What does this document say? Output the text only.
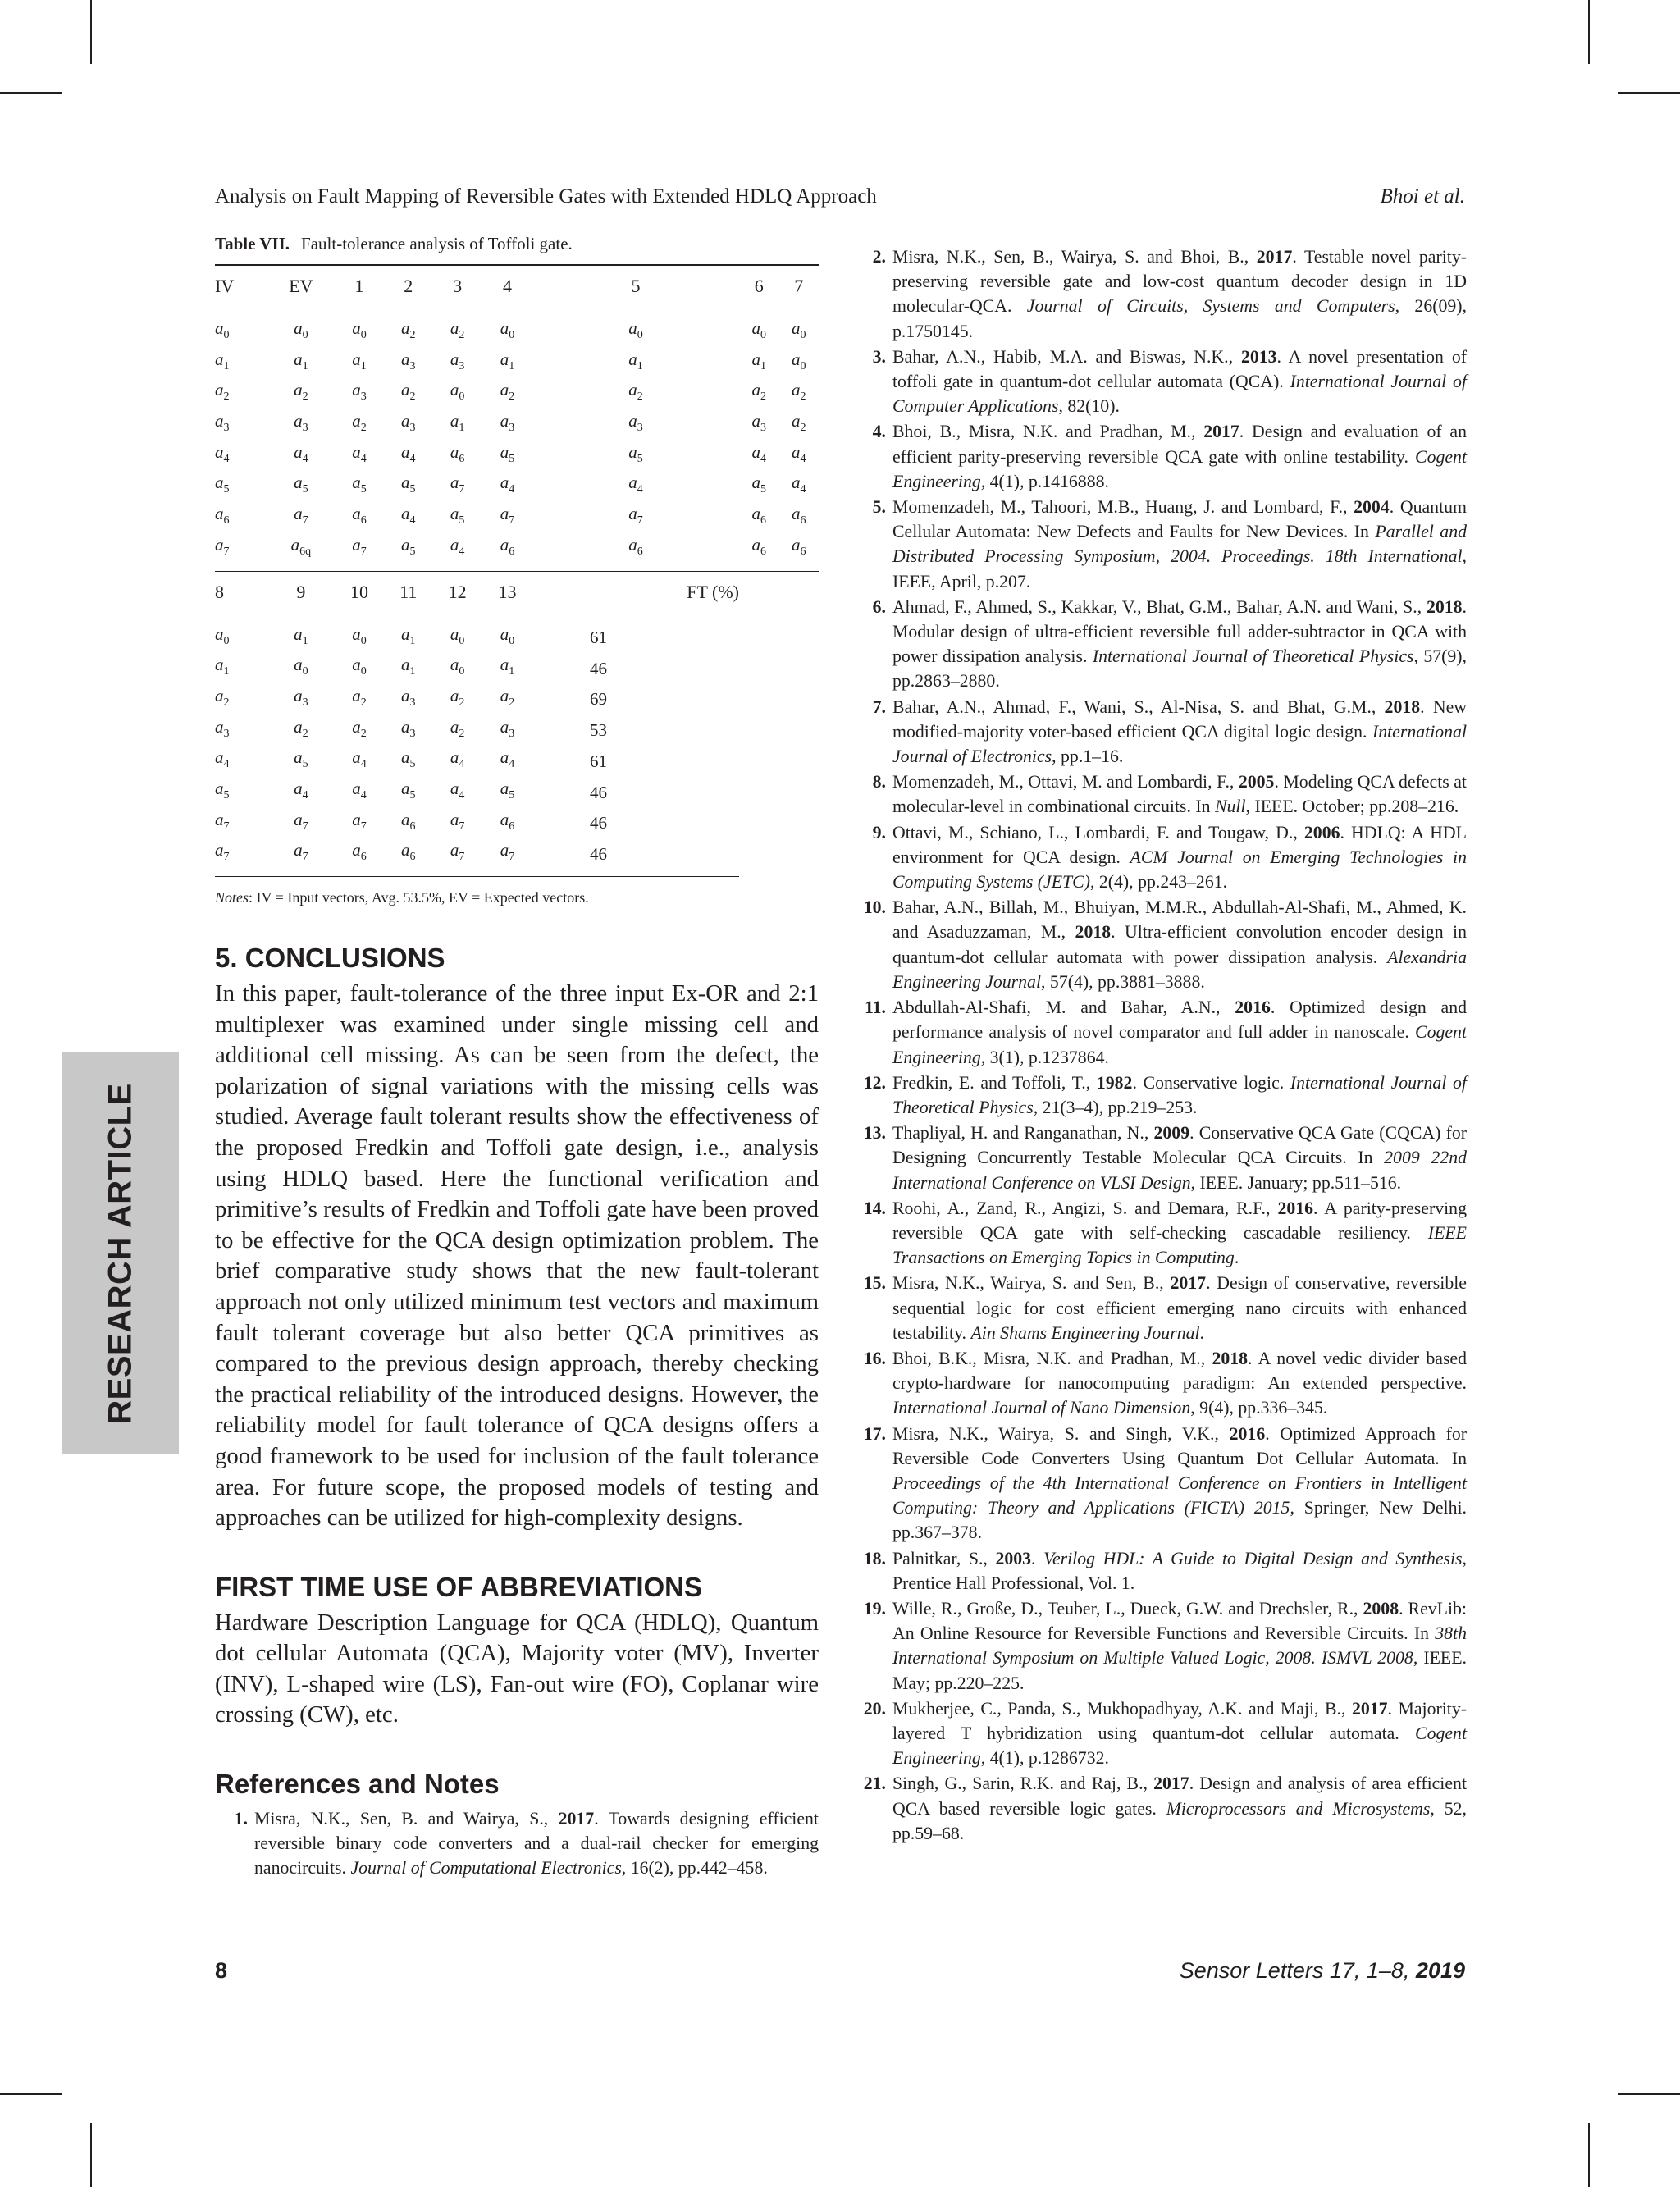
Analysis on Fault Mapping of Reversible Gates with Extended HDLQ Approach	Bhoi et al.
RESEARCH ARTICLE
Table VII. Fault-tolerance analysis of Toffoli gate.
IV	EV	1	2	3	4	5	6	7
$a_0$	$a_0$	$a_0$	$a_2$	$a_2$	$a_0$	$a_0$	$a_0$	$a_0$
$a_1$	$a_1$	$a_1$	$a_3$	$a_3$	$a_1$	$a_1$	$a_1$	$a_0$
$a_2$	$a_2$	$a_3$	$a_2$	$a_0$	$a_2$	$a_2$	$a_2$	$a_2$
$a_3$	$a_3$	$a_2$	$a_3$	$a_1$	$a_3$	$a_3$	$a_3$	$a_2$
$a_4$	$a_4$	$a_4$	$a_4$	$a_6$	$a_5$	$a_5$	$a_4$	$a_4$
$a_5$	$a_5$	$a_5$	$a_5$	$a_7$	$a_4$	$a_4$	$a_5$	$a_4$
$a_6$	$a_7$	$a_6$	$a_4$	$a_5$	$a_7$	$a_7$	$a_6$	$a_6$
$a_7$	$a_{6q}$	$a_7$	$a_5$	$a_4$	$a_6$	$a_6$	$a_6$	$a_6$
8	9	10	11	12	13	FT (%)		
$a_0$	$a_1$	$a_0$	$a_1$	$a_0$	$a_0$	61		
$a_1$	$a_0$	$a_0$	$a_1$	$a_0$	$a_1$	46		
$a_2$	$a_3$	$a_2$	$a_3$	$a_2$	$a_2$	69		
$a_3$	$a_2$	$a_2$	$a_3$	$a_2$	$a_3$	53		
$a_4$	$a_5$	$a_4$	$a_5$	$a_4$	$a_4$	61		
$a_5$	$a_4$	$a_4$	$a_5$	$a_4$	$a_5$	46		
$a_7$	$a_7$	$a_7$	$a_6$	$a_7$	$a_6$	46		
$a_7$	$a_7$	$a_6$	$a_6$	$a_7$	$a_7$	46		
Notes: IV = Input vectors, Avg. 53.5%, EV = Expected vectors.
5. CONCLUSIONS

In this paper, fault-tolerance of the three input Ex-OR and 2:1 multiplexer was examined under single missing cell and additional cell missing. As can be seen from the defect, the polarization of signal variations with the missing cells was studied. Average fault tolerant results show the effectiveness of the proposed Fredkin and Toffoli gate design, i.e., analysis using HDLQ based. Here the functional verification and primitive’s results of Fredkin and Toffoli gate have been proved to be effective for the QCA design optimization problem. The brief comparative study shows that the new fault-tolerant approach not only utilized minimum test vectors and maximum fault tolerant coverage but also better QCA primitives as compared to the previous design approach, thereby checking the practical reliability of the introduced designs. However, the reliability model for fault tolerance of QCA designs offers a good framework to be used for inclusion of the fault tolerance area. For future scope, the proposed models of testing and approaches can be utilized for high-complexity designs.

FIRST TIME USE OF ABBREVIATIONS

Hardware Description Language for QCA (HDLQ), Quantum dot cellular Automata (QCA), Majority voter (MV), Inverter (INV), L-shaped wire (LS), Fan-out wire (FO), Coplanar wire crossing (CW), etc.

References and Notes
1. Misra, N.K., Sen, B. and Wairya, S., 2017. Towards designing efficient reversible binary code converters and a dual-rail checker for emerging nanocircuits. Journal of Computational Electronics, 16(2), pp.442–458.
2. Misra, N.K., Sen, B., Wairya, S. and Bhoi, B., 2017. Testable novel parity-preserving reversible gate and low-cost quantum decoder design in 1D molecular-QCA. Journal of Circuits, Systems and Computers, 26(09), p.1750145.
3. Bahar, A.N., Habib, M.A. and Biswas, N.K., 2013. A novel presentation of toffoli gate in quantum-dot cellular automata (QCA). International Journal of Computer Applications, 82(10).
4. Bhoi, B., Misra, N.K. and Pradhan, M., 2017. Design and evaluation of an efficient parity-preserving reversible QCA gate with online testability. Cogent Engineering, 4(1), p.1416888.
5. Momenzadeh, M., Tahoori, M.B., Huang, J. and Lombard, F., 2004. Quantum Cellular Automata: New Defects and Faults for New Devices. In Parallel and Distributed Processing Symposium, 2004. Proceedings. 18th International, IEEE, April, p.207.
6. Ahmad, F., Ahmed, S., Kakkar, V., Bhat, G.M., Bahar, A.N. and Wani, S., 2018. Modular design of ultra-efficient reversible full adder-subtractor in QCA with power dissipation analysis. International Journal of Theoretical Physics, 57(9), pp.2863–2880.
7. Bahar, A.N., Ahmad, F., Wani, S., Al-Nisa, S. and Bhat, G.M., 2018. New modified-majority voter-based efficient QCA digital logic design. International Journal of Electronics, pp.1–16.
8. Momenzadeh, M., Ottavi, M. and Lombardi, F., 2005. Modeling QCA defects at molecular-level in combinational circuits. In Null, IEEE. October; pp.208–216.
9. Ottavi, M., Schiano, L., Lombardi, F. and Tougaw, D., 2006. HDLQ: A HDL environment for QCA design. ACM Journal on Emerging Technologies in Computing Systems (JETC), 2(4), pp.243–261.
10. Bahar, A.N., Billah, M., Bhuiyan, M.M.R., Abdullah-Al-Shafi, M., Ahmed, K. and Asaduzzaman, M., 2018. Ultra-efficient convolution encoder design in quantum-dot cellular automata with power dissipation analysis. Alexandria Engineering Journal, 57(4), pp.3881–3888.
11. Abdullah-Al-Shafi, M. and Bahar, A.N., 2016. Optimized design and performance analysis of novel comparator and full adder in nanoscale. Cogent Engineering, 3(1), p.1237864.
12. Fredkin, E. and Toffoli, T., 1982. Conservative logic. International Journal of Theoretical Physics, 21(3–4), pp.219–253.
13. Thapliyal, H. and Ranganathan, N., 2009. Conservative QCA Gate (CQCA) for Designing Concurrently Testable Molecular QCA Circuits. In 2009 22nd International Conference on VLSI Design, IEEE. January; pp.511–516.
14. Roohi, A., Zand, R., Angizi, S. and Demara, R.F., 2016. A parity-preserving reversible QCA gate with self-checking cascadable resiliency. IEEE Transactions on Emerging Topics in Computing.
15. Misra, N.K., Wairya, S. and Sen, B., 2017. Design of conservative, reversible sequential logic for cost efficient emerging nano circuits with enhanced testability. Ain Shams Engineering Journal.
16. Bhoi, B.K., Misra, N.K. and Pradhan, M., 2018. A novel vedic divider based crypto-hardware for nanocomputing paradigm: An extended perspective. International Journal of Nano Dimension, 9(4), pp.336–345.
17. Misra, N.K., Wairya, S. and Singh, V.K., 2016. Optimized Approach for Reversible Code Converters Using Quantum Dot Cellular Automata. In Proceedings of the 4th International Conference on Frontiers in Intelligent Computing: Theory and Applications (FICTA) 2015, Springer, New Delhi. pp.367–378.
18. Palnitkar, S., 2003. Verilog HDL: A Guide to Digital Design and Synthesis, Prentice Hall Professional, Vol. 1.
19. Wille, R., Große, D., Teuber, L., Dueck, G.W. and Drechsler, R., 2008. RevLib: An Online Resource for Reversible Functions and Reversible Circuits. In 38th International Symposium on Multiple Valued Logic, 2008. ISMVL 2008, IEEE. May; pp.220–225.
20. Mukherjee, C., Panda, S., Mukhopadhyay, A.K. and Maji, B., 2017. Majority-layered T hybridization using quantum-dot cellular automata. Cogent Engineering, 4(1), p.1286732.
21. Singh, G., Sarin, R.K. and Raj, B., 2017. Design and analysis of area efficient QCA based reversible logic gates. Microprocessors and Microsystems, 52, pp.59–68.
8	Sensor Letters 17, 1–8, 2019
